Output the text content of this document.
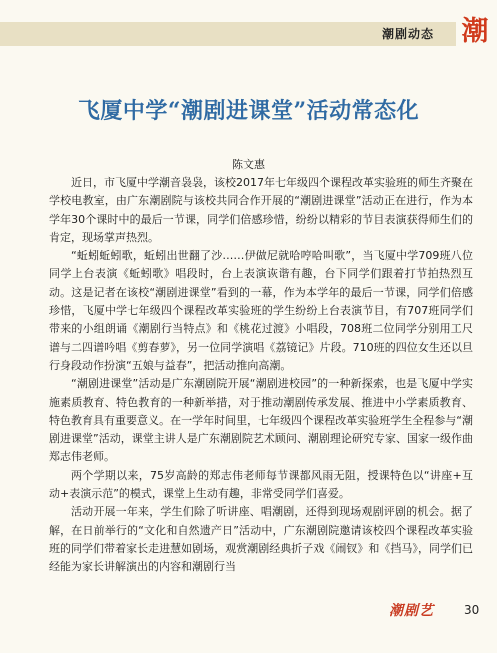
潮剧动态 潮
飞厦中学“潮剧进课堂”活动常态化
陈文惠

近日，市飞厦中学潮音袅袅，该校2017年七年级四个课程改革实验班的师生齐聚在学校电教室，由广东潮剧院与该校共同合作开展的“潮剧进课堂”活动正在进行，作为本学年30个课时中的最后一节课，同学们倍感珍惜，纷纷以精彩的节目表演获得师生们的肯定，现场掌声热烈。

“蚯蚓蚯蚓歌，蚯蚓出世翻了沙……伊做尼就哈哼哈叫歌”，当飞厦中学709班八位同学上台表演《蚯蚓歌》唱段时，台上表演诙谐有趣，台下同学们跟着打节拍热烈互动。这是记者在该校“潮剧进课堂”看到的一幕，作为本学年的最后一节课，同学们倍感珍惜，飞厦中学七年级四个课程改革实验班的学生纷纷上台表演节目，有707班同学们带来的小组朗诵《潮剧行当特点》和《桃花过渡》小唱段，708班二位同学分别用工尺谱与二四谱吟唱《剪春萝》，另一位同学演唱《荔镜记》片段。710班的四位女生还以旦行身段动作扮演“五娘与益春”，把活动推向高潮。

“潮剧进课堂”活动是广东潮剧院开展“潮剧进校园”的一种新探索，也是飞厦中学实施素质教育、特色教育的一种新举措，对于推动潮剧传承发展、推进中小学素质教育、特色教育具有重要意义。在一学年时间里，七年级四个课程改革实验班学生全程参与“潮剧进课堂”活动，课堂主讲人是广东潮剧院艺术顾问、潮剧理论研究专家、国家一级作曲郑志伟老师。

两个学期以来，75岁高龄的郑志伟老师每节课都风雨无阻，授课特色以“讲座+互动+表演示范”的模式，课堂上生动有趣，非常受同学们喜爱。

活动开展一年来，学生们除了听讲座、唱潮剧，还得到现场观剧评剧的机会。据了解，在日前举行的“文化和自然遗产日”活动中，广东潮剧院邀请该校四个课程改革实验班的同学们带着家长走进慧如剧场，观赏潮剧经典折子戏《闹钗》和《挡马》，同学们已经能为家长讲解演出的内容和潮剧行当

潮剧艺	30
